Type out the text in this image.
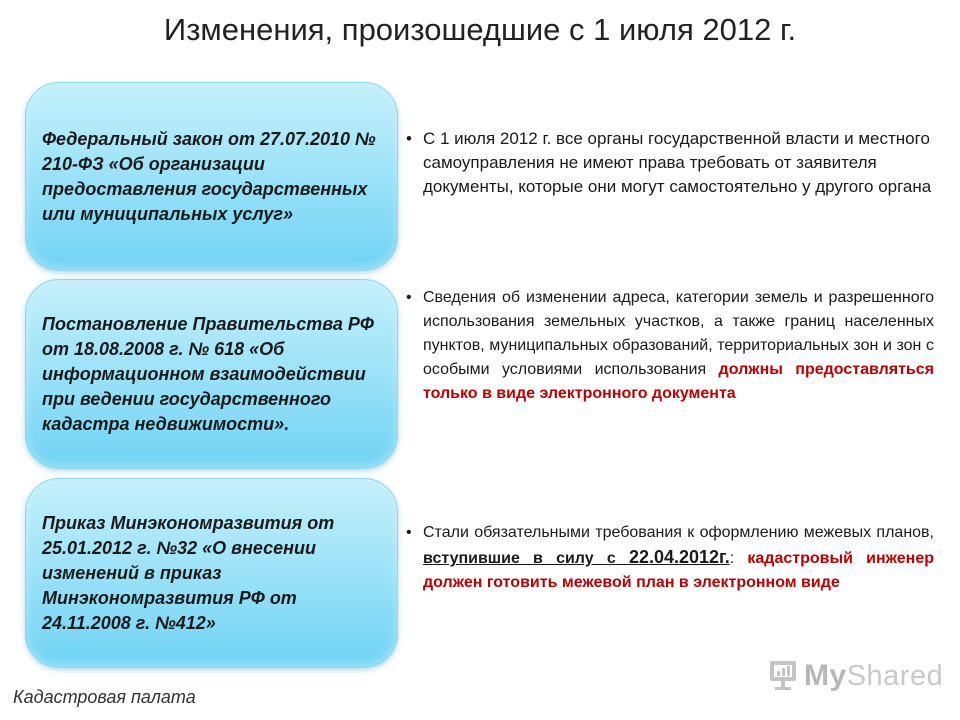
Изменения, произошедшие с 1 июля 2012 г.
Федеральный закон от 27.07.2010 № 210-ФЗ «Об организации предоставления государственных или муниципальных услуг»
Постановление Правительства РФ от 18.08.2008 г. № 618 «Об информационном взаимодействии при ведении государственного кадастра недвижимости».
Приказ Минэкономразвития от 25.01.2012 г. №32 «О внесении изменений в приказ Минэкономразвития РФ от 24.11.2008 г. №412»
• С 1 июля 2012 г. все органы государственной власти и местного самоуправления не имеют права требовать от заявителя документы, которые они могут самостоятельно у другого органа
• Сведения об изменении адреса, категории земель и разрешенного использования земельных участков, а также границ населенных пунктов, муниципальных образований, территориальных зон и зон с особыми условиями использования должны предоставляться только в виде электронного документа
• Стали обязательными требования к оформлению межевых планов, вступившие в силу с 22.04.2012г.: кадастровый инженер должен готовить межевой план в электронном виде
Кадастровая палата
My Shared
